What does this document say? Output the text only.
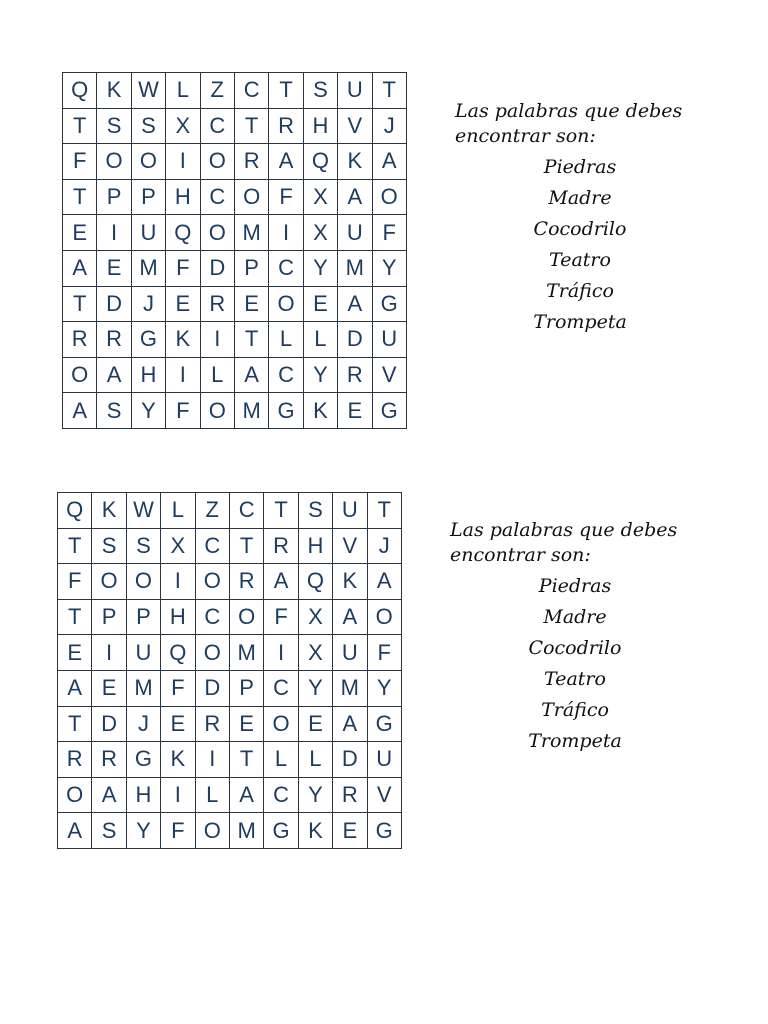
Q K W L Z C T S U T
T S S X C T R H V J
F O O	I	O R A Q K A
T P P H C O F X A O
E	I	U Q O M	I	X U F
A E M F D P C Y M Y
T D J E R E O E A G
R R G K	I	T L	L D U
O A H	I	L A C Y R V
A S Y F O M G K E G
Las palabras que debes
encontrar son:
Piedras
Madre
Cocodrilo
Teatro
Tráfico
Trompeta
Q K W L Z C T S U T
T S S X C T R H V J
F O O	I	O R A Q K A
T P P H C O F X A O
E	I	U Q O M	I	X U F
A E M F D P C Y M Y
T D J E R E O E A G
R R G K	I	T L	L D U
O A H	I	L A C Y R V
A S Y F O M G K E G
Las palabras que debes
encontrar son:
Piedras
Madre
Cocodrilo
Teatro
Tráfico
Trompeta
